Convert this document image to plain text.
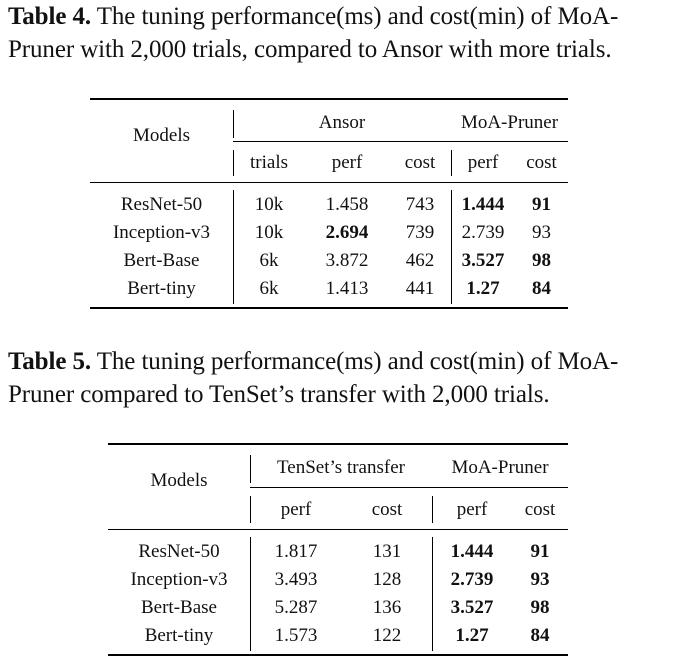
Table 4. The tuning performance(ms) and cost(min) of MoA-Pruner with 2,000 trials, compared to Ansor with more trials.
Models
Ansor	MoA-Pruner
trials	perf	cost	perf	cost
ResNet-50	10k	1.458	743	1.444	91
Inception-v3	10k	2.694	739	2.739	93
Bert-Base	6k	3.872	462	3.527	98
Bert-tiny	6k	1.413	441	1.27	84
Table 5. The tuning performance(ms) and cost(min) of MoA-Pruner compared to TenSet’s transfer with 2,000 trials.
Models
TenSet’s transfer	MoA-Pruner
perf	cost	perf	cost
ResNet-50	1.817	131	1.444	91
Inception-v3	3.493	128	2.739	93
Bert-Base	5.287	136	3.527	98
Bert-tiny	1.573	122	1.27	84
